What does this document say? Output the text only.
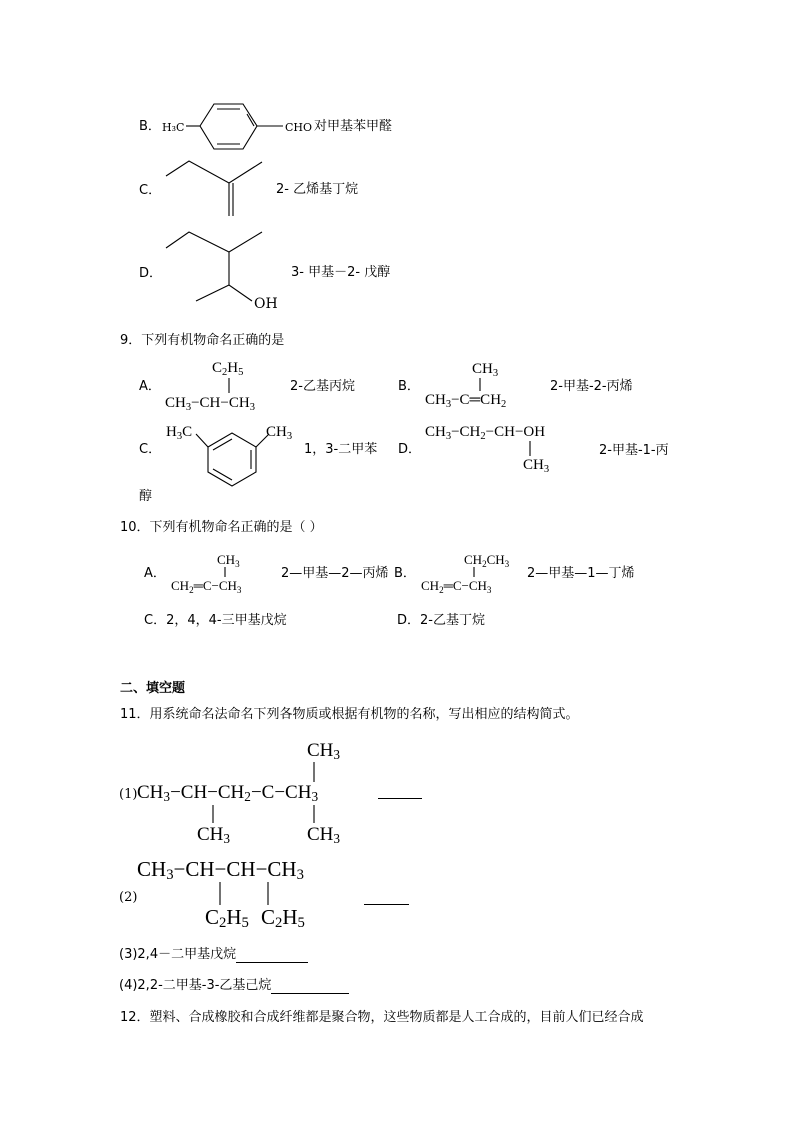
B． H₃C	CHO 对甲基苯甲醛
C．	2- 乙烯基丁烷
D．
OH
3- 甲基－2- 戊醇
9．下列有机物命名正确的是
A．
$C_2H_5$
$CH_3-CH-CH_3$
2-乙基丙烷	B．
$CH_3$
$CH_3-C═CH_2$
2-甲基-2-丙烯
C．
$H_3C$	$CH_3$
1，3-二甲苯 D．
$CH_3-CH_2-CH-OH$
$CH_3$
2-甲基-1-丙
醇
10．下列有机物命名正确的是（ ）
A．
$CH_3$
$CH_2═C-CH_3$
2—甲基—2—丙烯 B．
$CH_2CH_3$
$CH_2═C-CH_3$
2—甲基—1—丁烯
C．2，4，4-三甲基戊烷	D．2-乙基丁烷
二、填空题
11．用系统命名法命名下列各物质或根据有机物的名称，写出相应的结构简式。
(1)
$CH_3$
$CH_3-CH-CH_2-C-CH_3$
$CH_3$	$CH_3$
(2)
$CH_3-CH-CH-CH_3$
$C_2H_5$ $C_2H_5$
(3)2,4－二甲基戊烷
(4)2,2-二甲基-3-乙基己烷
12．塑料、合成橡胶和合成纤维都是聚合物，这些物质都是人工合成的，目前人们已经合成
